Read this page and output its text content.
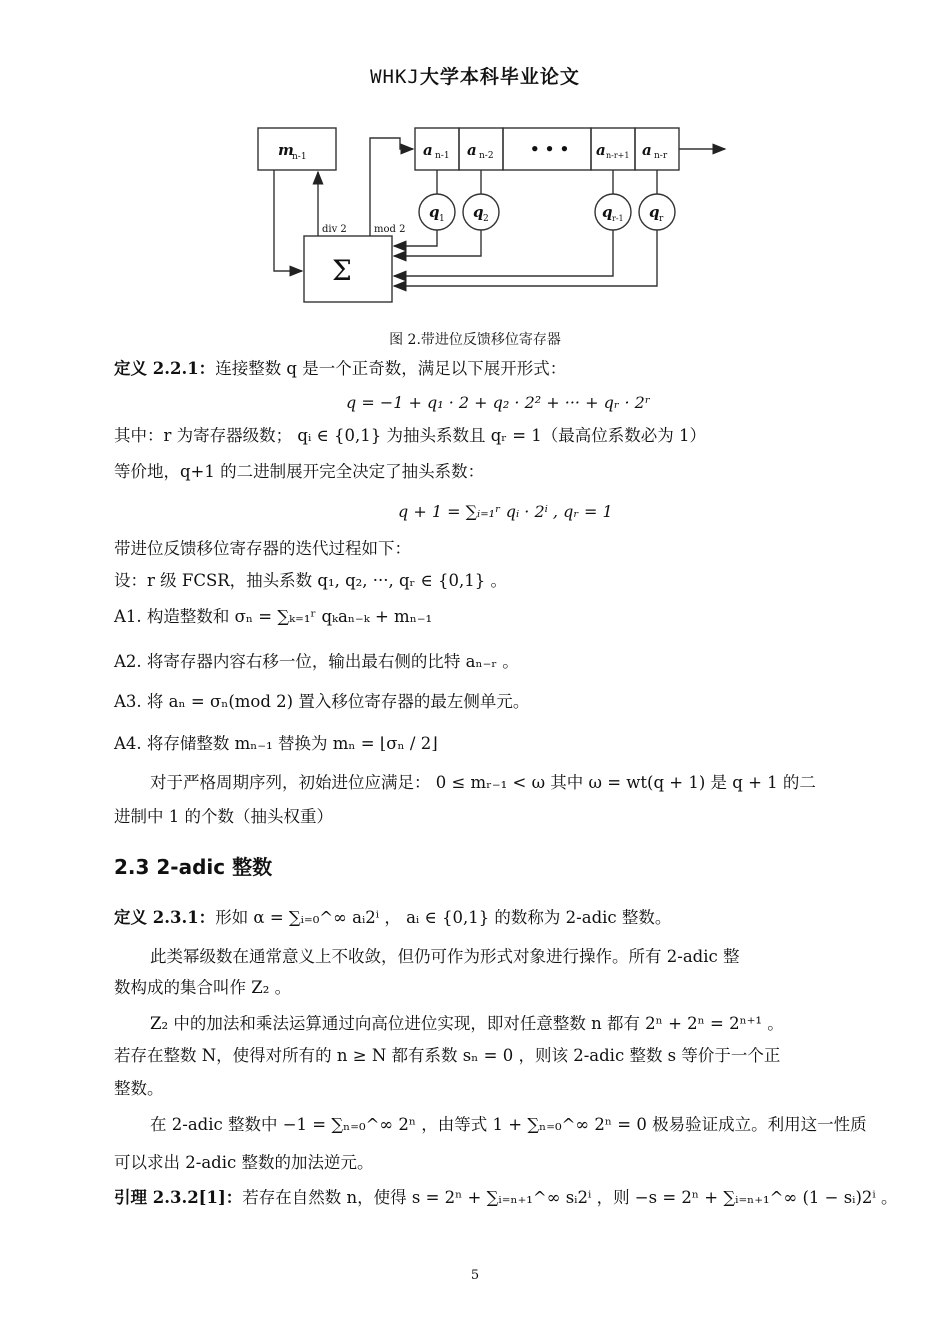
WHKJ大学本科毕业论文
m
n-1
Σ
div 2	mod 2
a n-1 a n-2 • • • a n-r+1 a n-r
q 1 q 2	q r-1 q r
图 2.带进位反馈移位寄存器
定义 2.2.1：连接整数 q 是一个正奇数，满足以下展开形式：
q = −1 + q₁ · 2 + q₂ · 2² + ··· + qᵣ · 2ʳ
其中：r 为寄存器级数； qᵢ ∈ {0,1} 为抽头系数且 qᵣ = 1（最高位系数必为 1）
等价地，q+1 的二进制展开完全决定了抽头系数：
q + 1 = ∑ᵢ₌₁ʳ qᵢ · 2ⁱ , qᵣ = 1
带进位反馈移位寄存器的迭代过程如下：
设：r 级 FCSR，抽头系数 q₁, q₂, ···, qᵣ ∈ {0,1} 。
A1. 构造整数和 σₙ = ∑ₖ₌₁ʳ qₖaₙ₋ₖ + mₙ₋₁
A2. 将寄存器内容右移一位，输出最右侧的比特 aₙ₋ᵣ 。
A3. 将 aₙ = σₙ(mod 2) 置入移位寄存器的最左侧单元。
A4. 将存储整数 mₙ₋₁ 替换为 mₙ = ⌊σₙ / 2⌋
对于严格周期序列，初始进位应满足： 0 ≤ mᵣ₋₁ < ω 其中 ω = wt(q + 1) 是 q + 1 的二
进制中 1 的个数（抽头权重）
2.3 2-adic 整数
定义 2.3.1：形如 α = ∑ᵢ₌₀^∞ aᵢ2ⁱ ， aᵢ ∈ {0,1} 的数称为 2-adic 整数。
此类幂级数在通常意义上不收敛，但仍可作为形式对象进行操作。所有 2-adic 整
数构成的集合叫作 Z₂ 。
Z₂ 中的加法和乘法运算通过向高位进位实现，即对任意整数 n 都有 2ⁿ + 2ⁿ = 2ⁿ⁺¹ 。
若存在整数 N，使得对所有的 n ≥ N 都有系数 sₙ = 0 ，则该 2-adic 整数 s 等价于一个正
整数。
在 2-adic 整数中 −1 = ∑ₙ₌₀^∞ 2ⁿ ，由等式 1 + ∑ₙ₌₀^∞ 2ⁿ = 0 极易验证成立。利用这一性质
可以求出 2-adic 整数的加法逆元。
引理 2.3.2[1]：若存在自然数 n，使得 s = 2ⁿ + ∑ᵢ₌ₙ₊₁^∞ sᵢ2ⁱ ，则 −s = 2ⁿ + ∑ᵢ₌ₙ₊₁^∞ (1 − sᵢ)2ⁱ 。
5
